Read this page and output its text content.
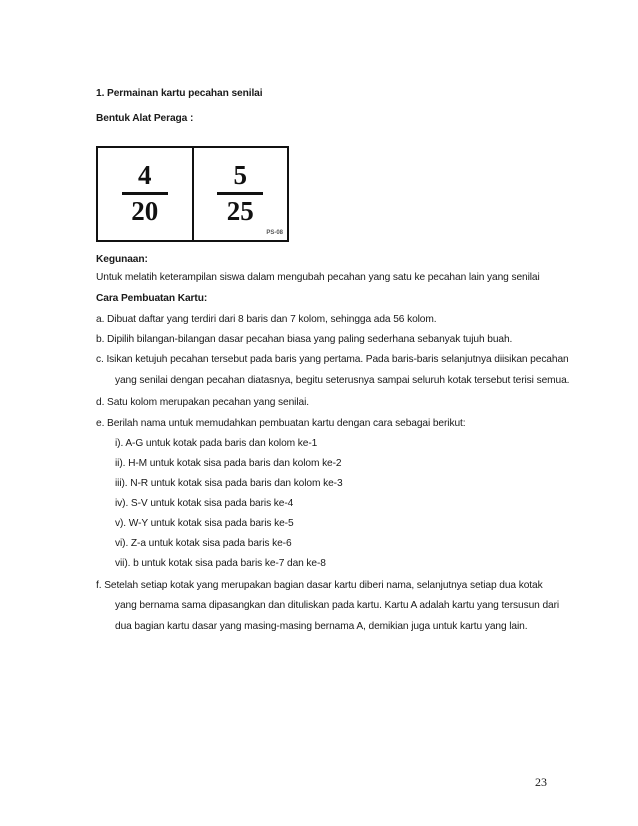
1. Permainan kartu pecahan senilai
Bentuk Alat Peraga :
4
20
5
25
PS-08
Kegunaan:
Untuk melatih keterampilan siswa dalam mengubah pecahan yang satu ke pecahan lain yang senilai
Cara Pembuatan Kartu:
a. Dibuat daftar yang terdiri dari 8 baris dan 7 kolom, sehingga ada 56 kolom.
b. Dipilih bilangan-bilangan dasar pecahan biasa yang paling sederhana sebanyak tujuh buah.
c. Isikan ketujuh pecahan tersebut pada baris yang pertama. Pada baris-baris selanjutnya diisikan pecahan
yang senilai dengan pecahan diatasnya, begitu seterusnya sampai seluruh kotak tersebut terisi semua.
d. Satu kolom merupakan pecahan yang senilai.
e. Berilah nama untuk memudahkan pembuatan kartu dengan cara sebagai berikut:
i). A-G untuk kotak pada baris dan kolom ke-1
ii). H-M untuk kotak sisa pada baris dan kolom ke-2
iii). N-R untuk kotak sisa pada baris dan kolom ke-3
iv). S-V untuk kotak sisa pada baris ke-4
v). W-Y untuk kotak sisa pada baris ke-5
vi). Z-a untuk kotak sisa pada baris ke-6
vii). b untuk kotak sisa pada baris ke-7 dan ke-8
f. Setelah setiap kotak yang merupakan bagian dasar kartu diberi nama, selanjutnya setiap dua kotak
yang bernama sama dipasangkan dan dituliskan pada kartu. Kartu A adalah kartu yang tersusun dari
dua bagian kartu dasar yang masing-masing bernama A, demikian juga untuk kartu yang lain.
23
